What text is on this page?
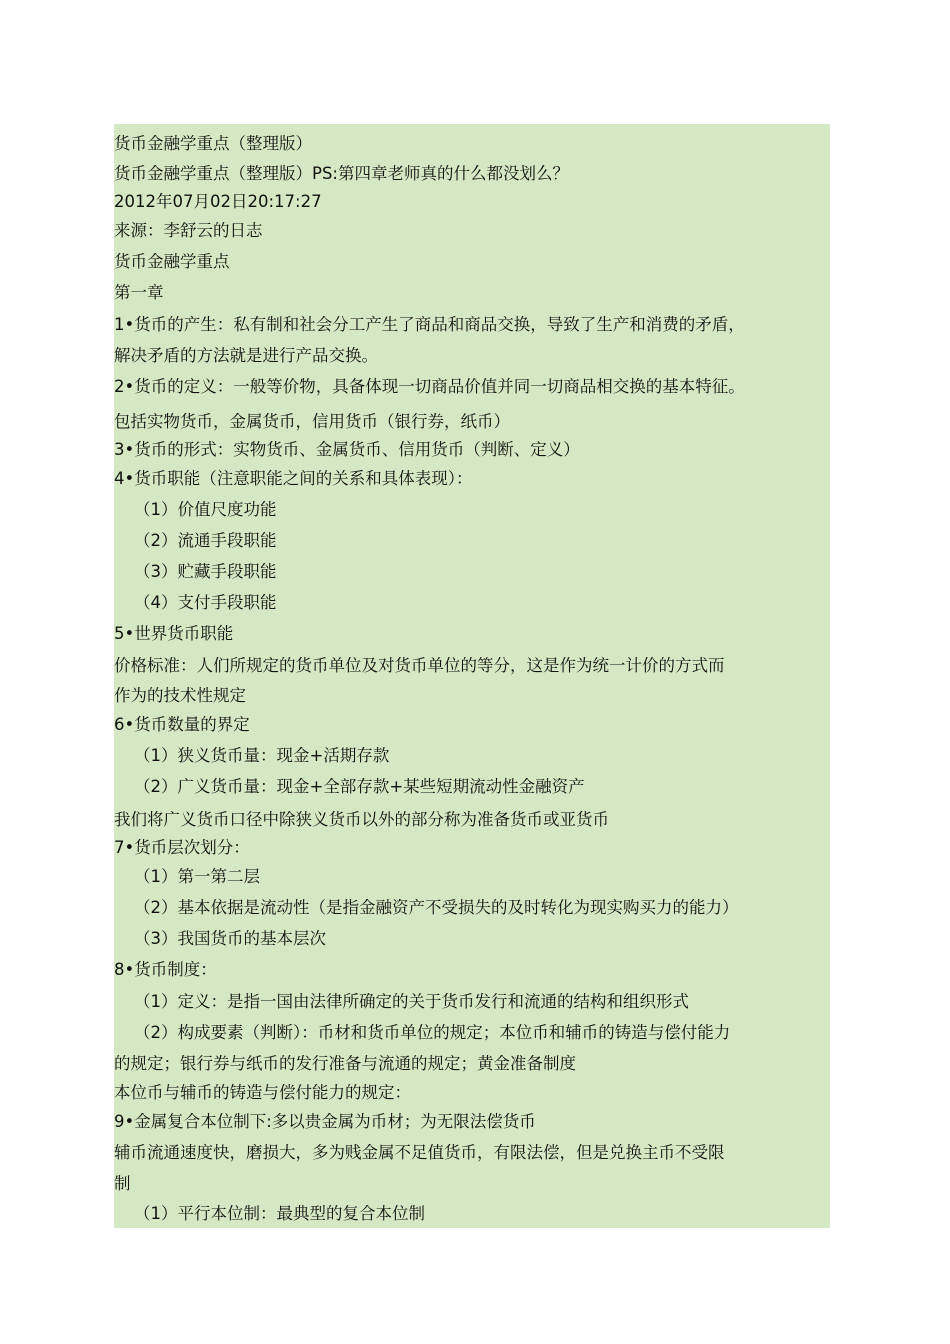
货币金融学重点（整理版）
货币金融学重点（整理版）PS:第四章老师真的什么都没划么？
2012年07月02日20:17:27
来源：李舒云的日志
货币金融学重点
第一章
1•货币的产生：私有制和社会分工产生了商品和商品交换，导致了生产和消费的矛盾，
解决矛盾的方法就是进行产品交换。
2•货币的定义：一般等价物，具备体现一切商品价值并同一切商品相交换的基本特征。
包括实物货币，金属货币，信用货币（银行券，纸币）
3•货币的形式：实物货币、金属货币、信用货币（判断、定义）
4•货币职能（注意职能之间的关系和具体表现）：
（1）价值尺度功能
（2）流通手段职能
（3）贮藏手段职能
（4）支付手段职能
5•世界货币职能
价格标准：人们所规定的货币单位及对货币单位的等分，这是作为统一计价的方式而
作为的技术性规定
6•货币数量的界定
（1）狭义货币量：现金+活期存款
（2）广义货币量：现金+全部存款+某些短期流动性金融资产
我们将广义货币口径中除狭义货币以外的部分称为准备货币或亚货币
7•货币层次划分：
（1）第一第二层
（2）基本依据是流动性（是指金融资产不受损失的及时转化为现实购买力的能力）
（3）我国货币的基本层次
8•货币制度：
（1）定义：是指一国由法律所确定的关于货币发行和流通的结构和组织形式
（2）构成要素（判断）：币材和货币单位的规定；本位币和辅币的铸造与偿付能力
的规定；银行券与纸币的发行准备与流通的规定；黄金准备制度
本位币与辅币的铸造与偿付能力的规定：
9•金属复合本位制下:多以贵金属为币材；为无限法偿货币
辅币流通速度快，磨损大，多为贱金属不足值货币，有限法偿，但是兑换主币不受限
制
（1）平行本位制：最典型的复合本位制
